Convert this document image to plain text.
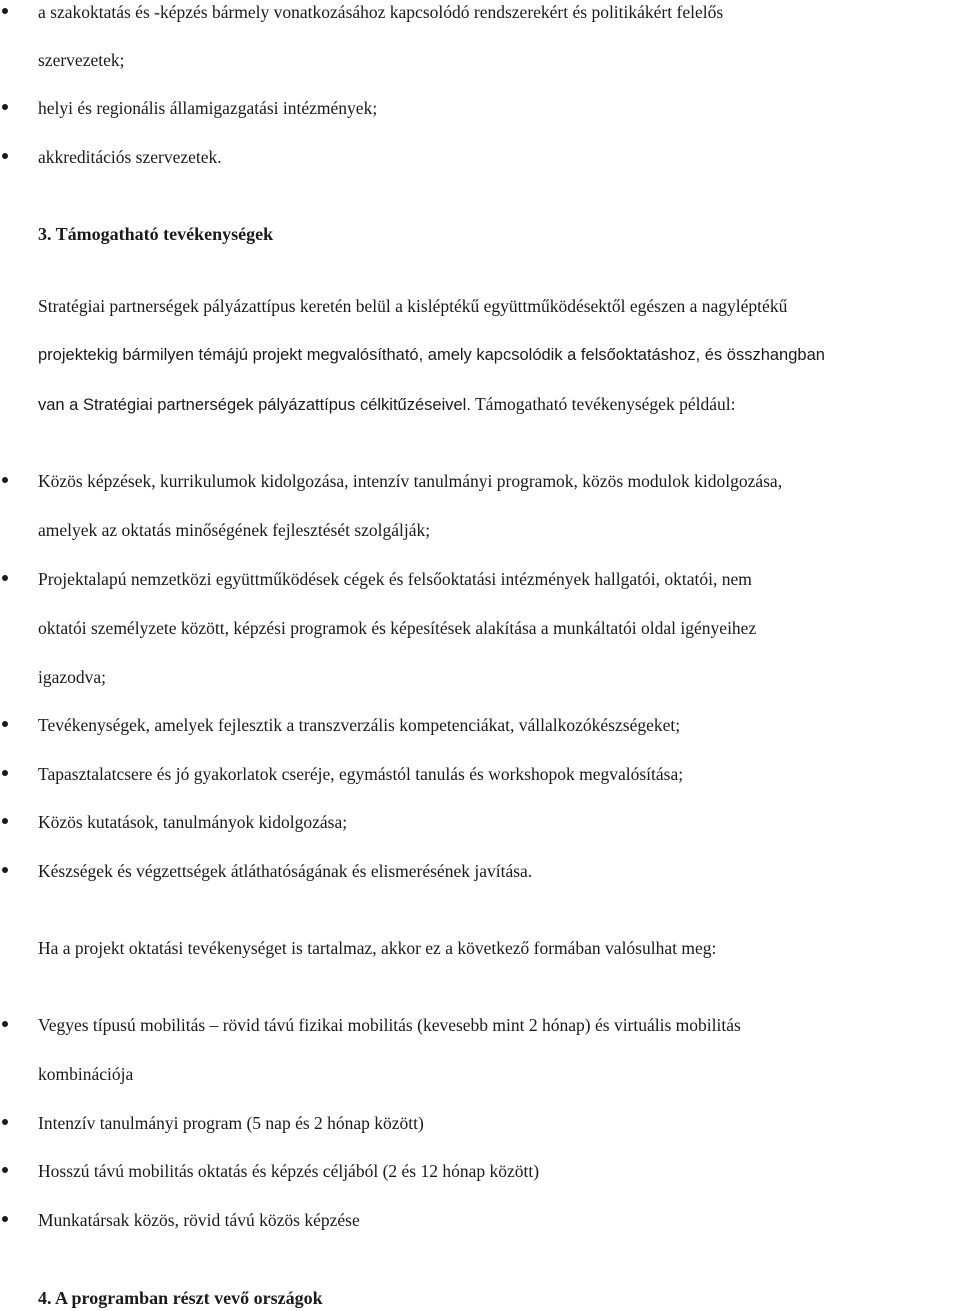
a szakoktatás és -képzés bármely vonatkozásához kapcsolódó rendszerekért és politikákért felelős
szervezetek;
helyi és regionális államigazgatási intézmények;
akkreditációs szervezetek.
3. Támogatható tevékenységek
Stratégiai partnerségek pályázattípus keretén belül a kisléptékű együttműködésektől egészen a nagyléptékű
projektekig bármilyen témájú projekt megvalósítható, amely kapcsolódik a felsőoktatáshoz, és összhangban
van a Stratégiai partnerségek pályázattípus célkitűzéseivel. Támogatható tevékenységek például:
Közös képzések, kurrikulumok kidolgozása, intenzív tanulmányi programok, közös modulok kidolgozása,
amelyek az oktatás minőségének fejlesztését szolgálják;
Projektalapú nemzetközi együttműködések cégek és felsőoktatási intézmények hallgatói, oktatói, nem
oktatói személyzete között, képzési programok és képesítések alakítása a munkáltatói oldal igényeihez
igazodva;
Tevékenységek, amelyek fejlesztik a transzverzális kompetenciákat, vállalkozókészségeket;
Tapasztalatcsere és jó gyakorlatok cseréje, egymástól tanulás és workshopok megvalósítása;
Közös kutatások, tanulmányok kidolgozása;
Készségek és végzettségek átláthatóságának és elismerésének javítása.
Ha a projekt oktatási tevékenységet is tartalmaz, akkor ez a következő formában valósulhat meg:
Vegyes típusú mobilitás – rövid távú fizikai mobilitás (kevesebb mint 2 hónap) és virtuális mobilitás
kombinációja
Intenzív tanulmányi program (5 nap és 2 hónap között)
Hosszú távú mobilitás oktatás és képzés céljából (2 és 12 hónap között)
Munkatársak közös, rövid távú közös képzése
4. A programban részt vevő országok
